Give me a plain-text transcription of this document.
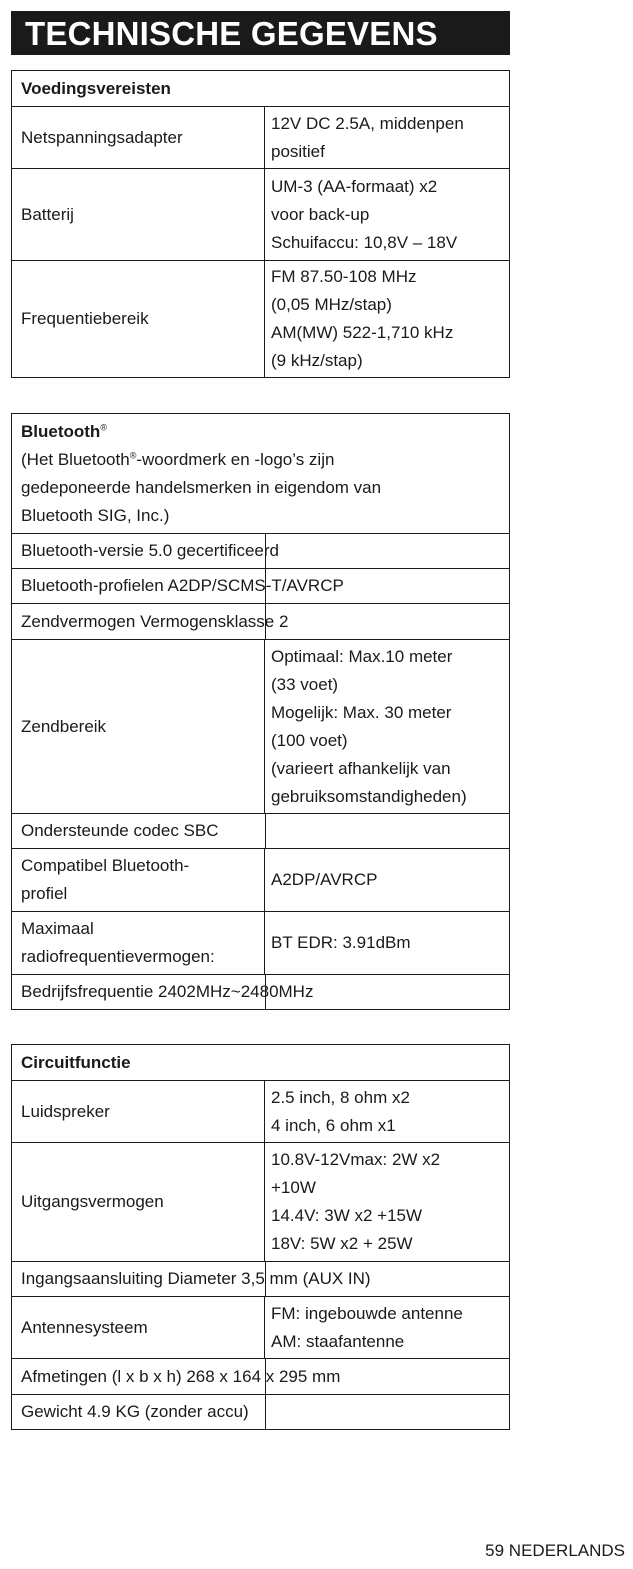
TECHNISCHE GEGEVENS
Voedingsvereisten
Netspanningsadapter
12V DC 2.5A, middenpen
positief
Batterij
UM-3 (AA-formaat) x2
voor back-up
Schuifaccu: 10,8V – 18V
Frequentiebereik
FM 87.50-108 MHz
(0,05 MHz/stap)
AM(MW) 522-1,710 kHz
(9 kHz/stap)
Bluetooth®
(Het Bluetooth®-woordmerk en -logo’s zijn
gedeponeerde handelsmerken in eigendom van
Bluetooth SIG, Inc.)
Bluetooth-versie 5.0 gecertificeerd
Bluetooth-profielen A2DP/SCMS-T/AVRCP
Zendvermogen Vermogensklasse 2
Zendbereik
Optimaal: Max.10 meter
(33 voet)
Mogelijk: Max. 30 meter
(100 voet)
(varieert afhankelijk van
gebruiksomstandigheden)
Ondersteunde codec SBC
Compatibel Bluetooth-
profiel
A2DP/AVRCP
Maximaal
radiofrequentievermogen:
BT EDR: 3.91dBm
Bedrijfsfrequentie 2402MHz~2480MHz
Circuitfunctie
Luidspreker
2.5 inch, 8 ohm x2
4 inch, 6 ohm x1
Uitgangsvermogen
10.8V-12Vmax: 2W x2
+10W
14.4V: 3W x2 +15W
18V: 5W x2 + 25W
Ingangsaansluiting Diameter 3,5 mm (AUX IN)
Antennesysteem
FM: ingebouwde antenne
AM: staafantenne
Afmetingen (l x b x h) 268 x 164 x 295 mm
Gewicht 4.9 KG (zonder accu)
59 NEDERLANDS
